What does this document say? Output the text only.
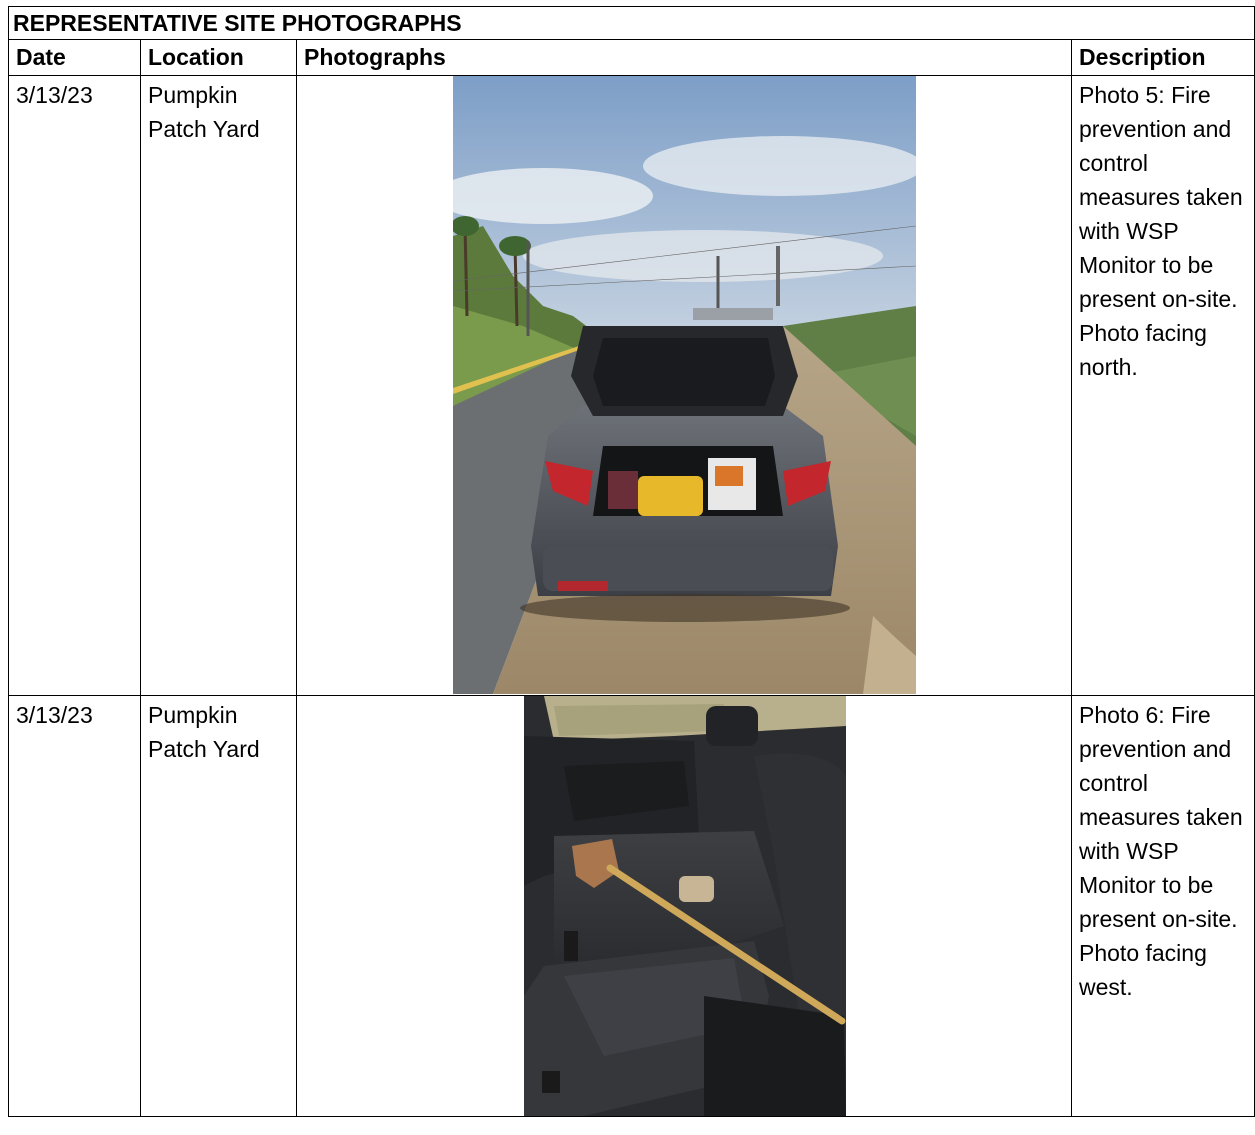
REPRESENTATIVE SITE PHOTOGRAPHS			
Date	Location	Photographs	Description
3/13/23	Pumpkin Patch Yard		Photo 5: Fire prevention and control measures taken with WSP Monitor to be present on-site. Photo facing north.
3/13/23	Pumpkin Patch Yard		Photo 6: Fire prevention and control measures taken with WSP Monitor to be present on-site. Photo facing west.
